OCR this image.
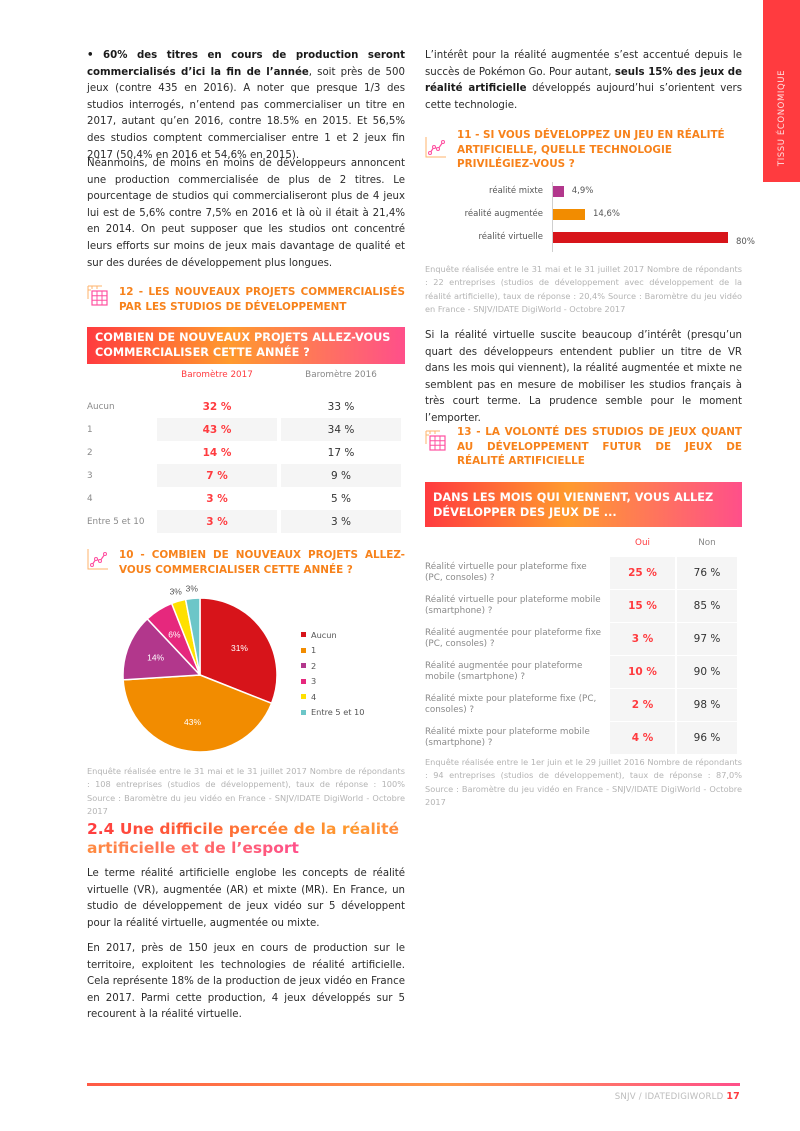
TISSU ÉCONOMIQUE

• 60% des titres en cours de production seront commercialisés d’ici la fin de l’année, soit près de 500 jeux (contre 435 en 2016). A noter que presque 1/3 des studios interrogés, n’entend pas commercialiser un titre en 2017, autant qu’en 2016, contre 18.5% en 2015. Et 56,5% des studios comptent commercialiser entre 1 et 2 jeux fin 2017 (50,4% en 2016 et 54,6% en 2015).

Néanmoins, de moins en moins de développeurs annoncent une production commercialisée de plus de 2 titres. Le pourcentage de studios qui commercialiseront plus de 4 jeux lui est de 5,6% contre 7,5% en 2016 et là où il était à 21,4% en 2014. On peut supposer que les studios ont concentré leurs efforts sur moins de jeux mais davantage de qualité et sur des durées de développement plus longues.

12 - LES NOUVEAUX PROJETS COMMERCIALISÉS PAR LES STUDIOS DE DÉVELOPPEMENT
COMBIEN DE NOUVEAUX PROJETS ALLEZ-VOUS COMMERCIALISER CETTE ANNÉE ?
Baromètre 2017	Baromètre 2016
Aucun	32 %	33 %
1	43 %	34 %
2	14 %	17 %
3	7 %	9 %
4	3 %	5 %
Entre 5 et 10	3 %	3 %
10 - COMBIEN DE NOUVEAUX PROJETS ALLEZ-VOUS COMMERCIALISER CETTE ANNÉE ?
31%
43%
14%
6%
3% 3%
Aucun
1
2
3
4
Entre 5 et 10

Enquête réalisée entre le 31 mai et le 31 juillet 2017 Nombre de répondants : 108 entreprises (studios de développement), taux de réponse : 100% Source : Baromètre du jeu vidéo en France - SNJV/IDATE DigiWorld - Octobre 2017

2.4 Une difficile percée de la réalité artificielle et de l’esport

Le terme réalité artificielle englobe les concepts de réalité virtuelle (VR), augmentée (AR) et mixte (MR). En France, un studio de développement de jeux vidéo sur 5 développent pour la réalité virtuelle, augmentée ou mixte.

En 2017, près de 150 jeux en cours de production sur le territoire, exploitent les technologies de réalité artificielle. Cela représente 18% de la production de jeux vidéo en France en 2017. Parmi cette production, 4 jeux développés sur 5 recourent à la réalité virtuelle.

L’intérêt pour la réalité augmentée s’est accentué depuis le succès de Pokémon Go. Pour autant, seuls 15% des jeux de réalité artificielle développés aujourd’hui s’orientent vers cette technologie.

11 - SI VOUS DÉVELOPPEZ UN JEU EN RÉALITÉ ARTIFICIELLE, QUELLE TECHNOLOGIE PRIVILÉGIEZ-VOUS ?
réalité mixte	4,9%
réalité augmentée	14,6%
réalité virtuelle	80%

Enquête réalisée entre le 31 mai et le 31 juillet 2017 Nombre de répondants : 22 entreprises (studios de développement avec développement de la réalité artificielle), taux de réponse : 20,4% Source : Baromètre du jeu vidéo en France - SNJV/IDATE DigiWorld - Octobre 2017

Si la réalité virtuelle suscite beaucoup d’intérêt (presqu’un quart des développeurs entendent publier un titre de VR dans les mois qui viennent), la réalité augmentée et mixte ne semblent pas en mesure de mobiliser les studios français à très court terme. La prudence semble pour le moment l’emporter.

13 - LA VOLONTÉ DES STUDIOS DE JEUX QUANT AU DÉVELOPPEMENT FUTUR DE JEUX DE RÉALITÉ ARTIFICIELLE
DANS LES MOIS QUI VIENNENT, VOUS ALLEZ DÉVELOPPER DES JEUX DE ...
Oui	Non
Réalité virtuelle pour plateforme fixe (PC, consoles) ?	25 %	76 %
Réalité virtuelle pour plateforme mobile (smartphone) ?	15 %	85 %
Réalité augmentée pour plateforme fixe (PC, consoles) ?	3 %	97 %
Réalité augmentée pour plateforme mobile (smartphone) ?	10 %	90 %
Réalité mixte pour plateforme fixe (PC, consoles) ?	2 %	98 %
Réalité mixte pour plateforme mobile (smartphone) ?	4 %	96 %

Enquête réalisée entre le 1er juin et le 29 juillet 2016 Nombre de répondants : 94 entreprises (studios de développement), taux de réponse : 87,0% Source : Baromètre du jeu vidéo en France - SNJV/IDATE DigiWorld - Octobre 2017

SNJV / IDATEDIGIWORLD 17
